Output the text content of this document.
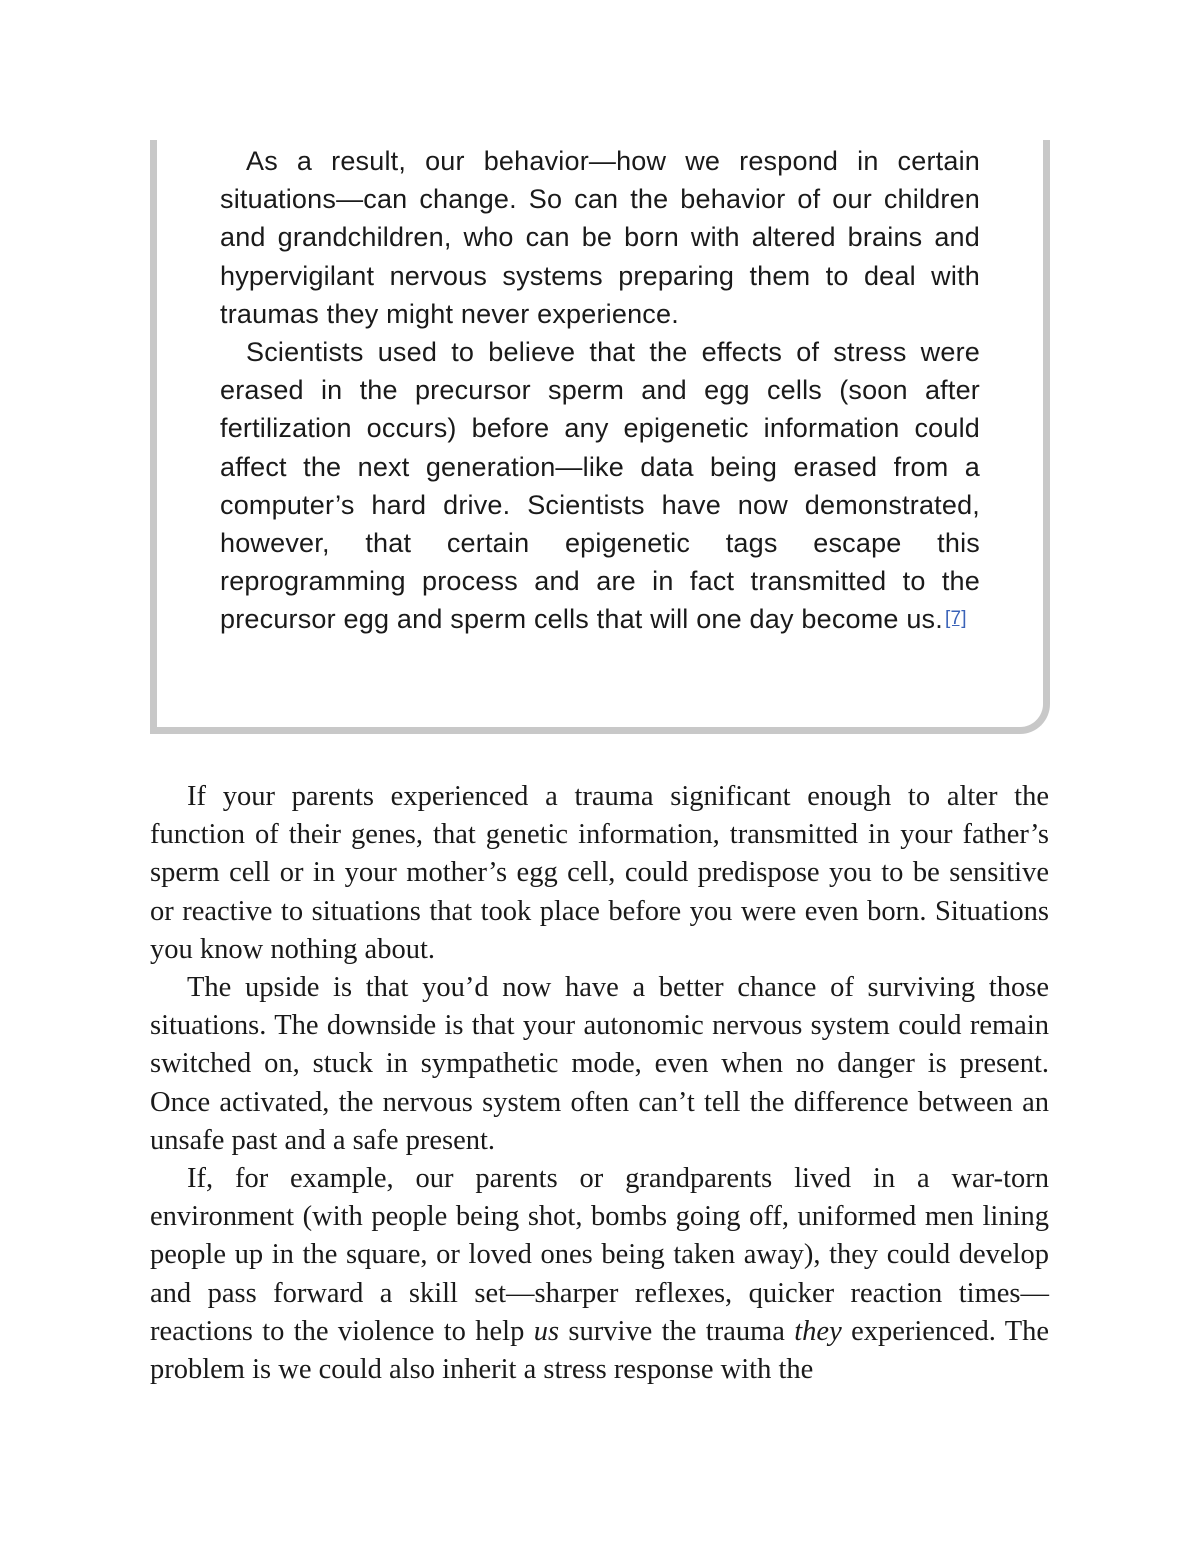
As a result, our behavior—how we respond in certain situations—can change. So can the behavior of our children and grandchildren, who can be born with altered brains and hypervigilant nervous systems preparing them to deal with traumas they might never experience.

Scientists used to believe that the effects of stress were erased in the precursor sperm and egg cells (soon after fertilization occurs) before any epigenetic information could affect the next generation—like data being erased from a computer’s hard drive. Scientists have now demonstrated, however, that certain epigenetic tags escape this reprogramming process and are in fact transmitted to the precursor egg and sperm cells that will one day become us. [7]

If your parents experienced a trauma significant enough to alter the function of their genes, that genetic information, transmitted in your father’s sperm cell or in your mother’s egg cell, could predispose you to be sensitive or reactive to situations that took place before you were even born. Situations you know nothing about.

The upside is that you’d now have a better chance of surviving those situations. The downside is that your autonomic nervous system could remain switched on, stuck in sympathetic mode, even when no danger is present. Once activated, the nervous system often can’t tell the difference between an unsafe past and a safe present.

If, for example, our parents or grandparents lived in a war-torn environment (with people being shot, bombs going off, uniformed men lining people up in the square, or loved ones being taken away), they could develop and pass forward a skill set—sharper reflexes, quicker reaction times—reactions to the violence to help us survive the trauma they experienced. The problem is we could also inherit a stress response with the
